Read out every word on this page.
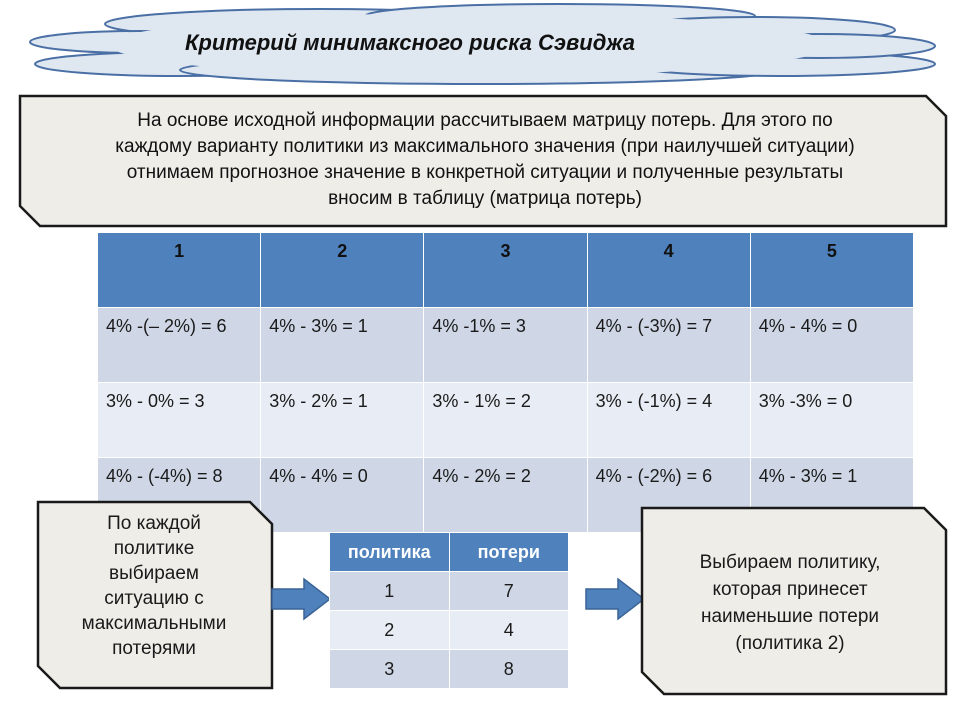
Критерий минимаксного риска Сэвиджа
На основе исходной информации рассчитываем матрицу потерь. Для этого по
каждому варианту политики из максимального значения (при наилучшей ситуации)
отнимаем прогнозное значение в конкретной ситуации и полученные результаты
вносим в таблицу (матрица потерь)
1	2	3	4	5
4% -(– 2%) = 6	4% - 3% = 1	4% -1% = 3	4% - (-3%) = 7	4% - 4% = 0
3% - 0% = 3	3% - 2% = 1	3% - 1% = 2	3% - (-1%) = 4	3% -3% = 0
4% - (-4%) = 8	4% - 4% = 0	4% - 2% = 2	4% - (-2%) = 6	4% - 3% = 1
По каждой
политике
выбираем
ситуацию с
максимальными
потерями
политика	потери
1	7
2	4
3	8
Выбираем политику,
которая принесет
наименьшие потери
(политика 2)
